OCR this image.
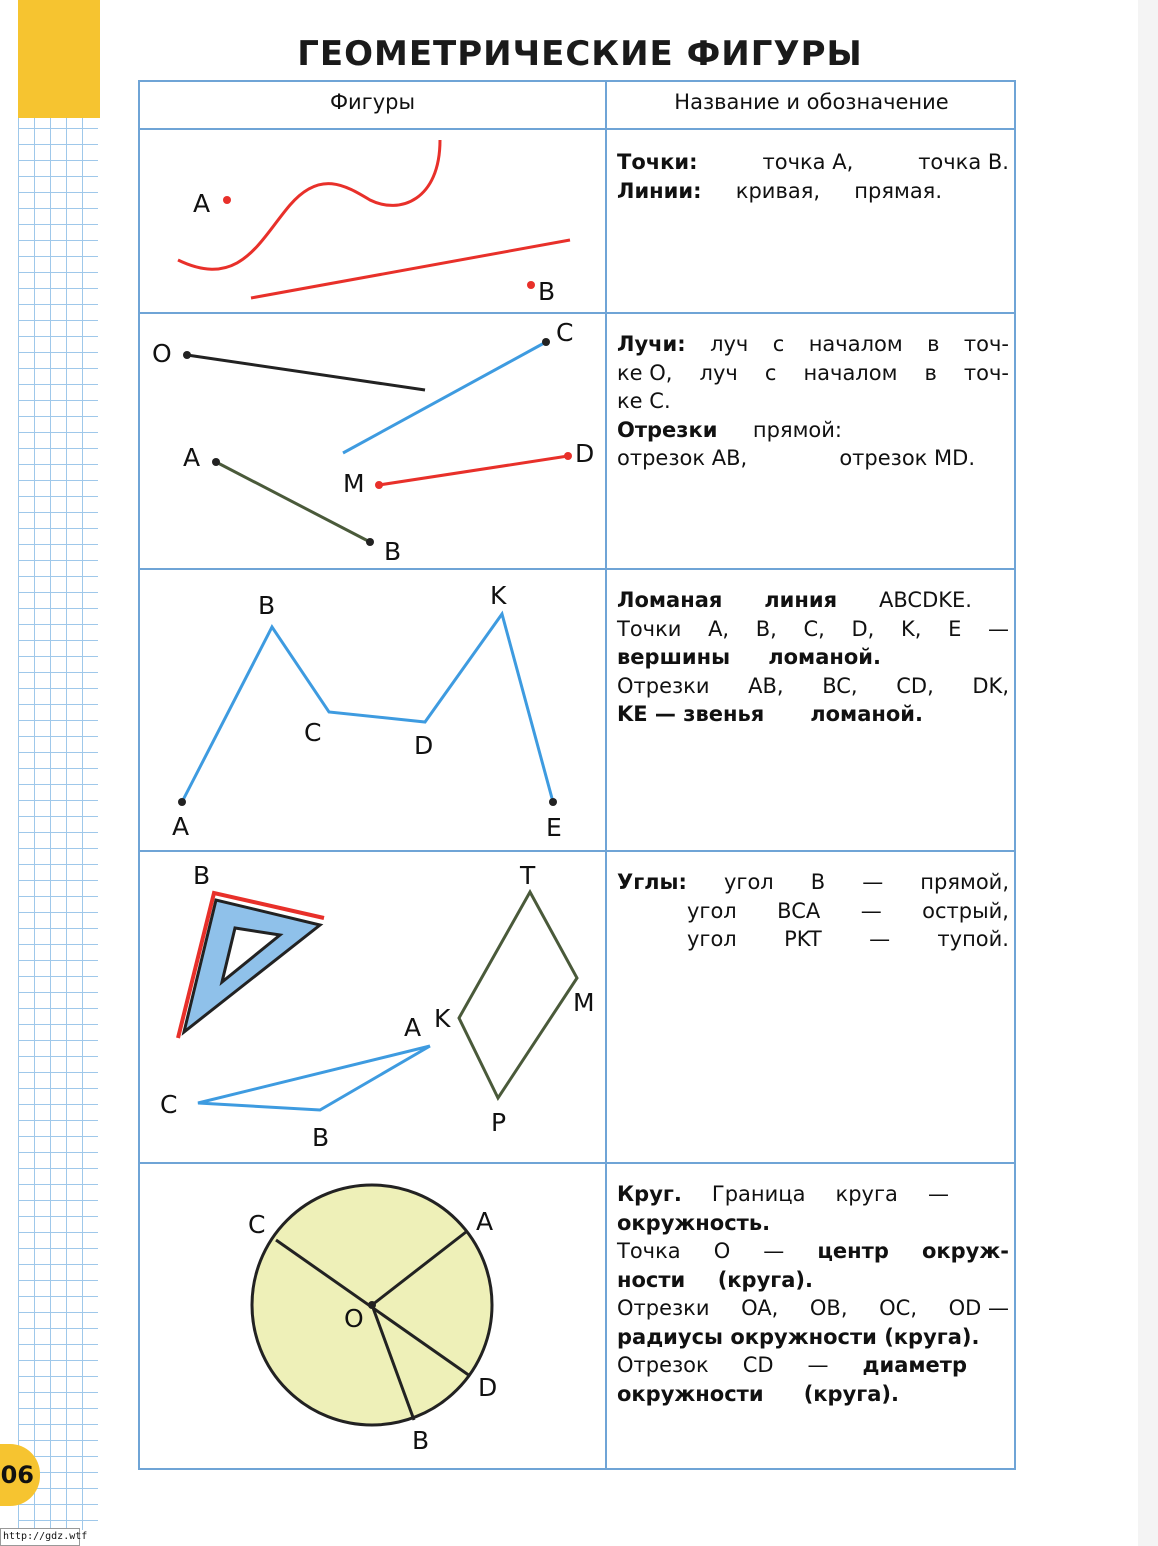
06
http://gdz.wtf
ГЕОМЕТРИЧЕСКИЕ ФИГУРЫ
Фигуры	Название и обозначение
Точки:	точка A,	точка B.
Линии: кривая, прямая.
Лучи: луч с началом в точ-
ке O, луч с началом в точ-
ке C.
Отрезки прямой:
отрезок AB,	отрезок MD.
Ломаная линия ABCDKE.
Точки A, B, C, D, K, E —
вершины ломаной.
Отрезки AB, BC, CD, DK,
KE — звенья ломаной.
Углы: угол B — прямой,
угол BCA — острый,
угол PKT — тупой.
Круг. Граница круга —
окружность.
Точка O — центр окруж-
ности (круга).
Отрезки OA, OB, OC, OD —
радиусы окружности (круга).
Отрезок CD — диаметр
окружности (круга).
A
B
O
C
A
B
M
D
A
B
C	D
K
E
B
C
B
A
T
K
M
P
C	A
O
D
B
